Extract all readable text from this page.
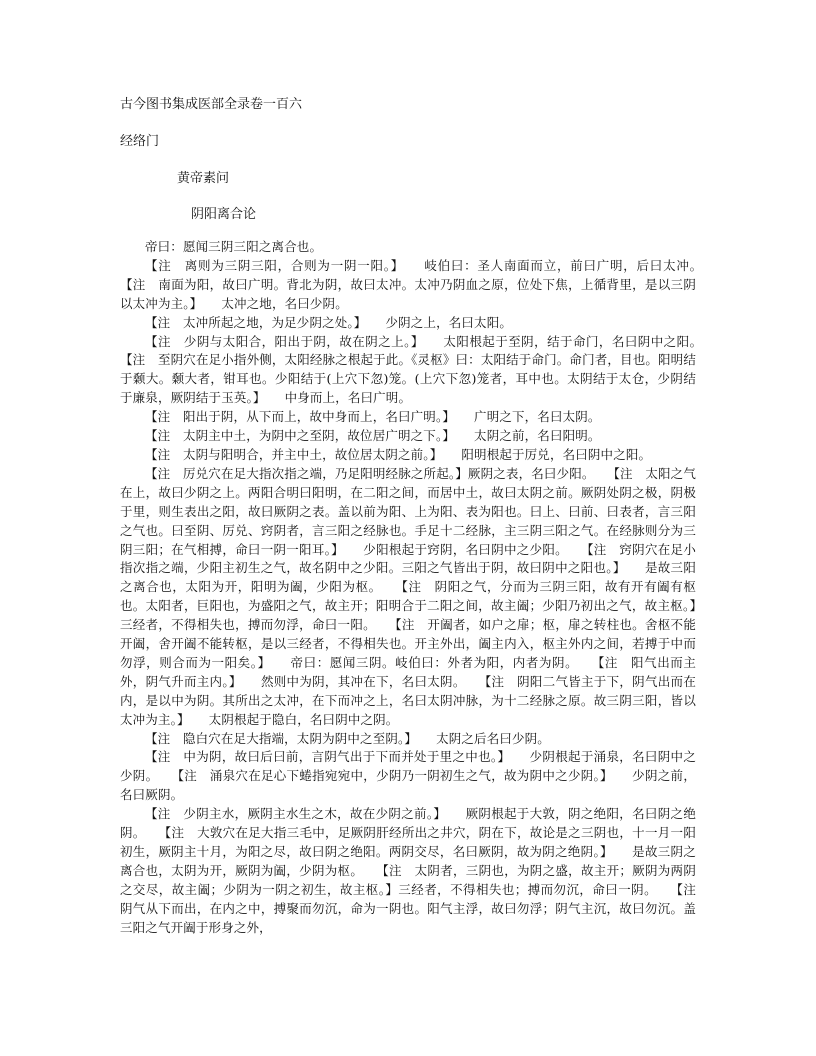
古今图书集成医部全录卷一百六
经络门
黄帝素问
阴阳离合论

帝曰：愿闻三阴三阳之离合也。

【注　离则为三阴三阳，合则为一阴一阳。】　　岐伯曰：圣人南面而立，前曰广明，后曰太冲。　　【注　南面为阳，故曰广明。背北为阴，故曰太冲。太冲乃阴血之原，位处下焦，上循背里，是以三阴以太冲为主。】　　太冲之地，名曰少阴。

【注　太冲所起之地，为足少阴之处。】　　少阴之上，名曰太阳。

【注　少阴与太阳合，阳出于阴，故在阴之上。】　　太阳根起于至阴，结于命门，名曰阴中之阳。　　【注　至阴穴在足小指外侧，太阳经脉之根起于此。《灵枢》曰：太阳结于命门。命门者，目也。阳明结于颡大。颡大者，钳耳也。少阳结于(上穴下忽)笼。(上穴下忽)笼者，耳中也。太阴结于太仓，少阴结于廉泉，厥阴结于玉英。】　　中身而上，名曰广明。

【注　阳出于阴，从下而上，故中身而上，名曰广明。】　　广明之下，名曰太阴。

【注　太阴主中土，为阴中之至阴，故位居广明之下。】　　太阴之前，名曰阳明。

【注　太阴与阳明合，并主中土，故位居太阴之前。】　　阳明根起于厉兑，名曰阴中之阳。

【注　厉兑穴在足大指次指之端，乃足阳明经脉之所起。】厥阴之表，名曰少阳。　　【注　太阳之气在上，故曰少阴之上。两阳合明曰阳明，在二阳之间，而居中土，故曰太阴之前。厥阴处阴之极，阴极于里，则生表出之阳，故曰厥阴之表。盖以前为阳、上为阳、表为阳也。曰上、曰前、曰表者，言三阳之气也。曰至阴、厉兑、窍阴者，言三阳之经脉也。手足十二经脉，主三阴三阳之气。在经脉则分为三阴三阳；在气相搏，命曰一阴一阳耳。】　　少阳根起于窍阴，名曰阴中之少阳。　　【注　窍阴穴在足小指次指之端，少阳主初生之气，故名阴中之少阳。三阳之气皆出于阴，故曰阴中之阳也。】　　是故三阳之离合也，太阳为开，阳明为阖，少阳为枢。　　【注　阴阳之气，分而为三阴三阳，故有开有阖有枢也。太阳者，巨阳也，为盛阳之气，故主开；阳明合于二阳之间，故主阖；少阳乃初出之气，故主枢。】　　三经者，不得相失也，搏而勿浮，命曰一阳。　　【注　开阖者，如户之扉；枢，扉之转柱也。舍枢不能开阖，舍开阖不能转枢，是以三经者，不得相失也。开主外出，阖主内入，枢主外内之间，若搏于中而勿浮，则合而为一阳矣。】　　帝曰：愿闻三阴。岐伯曰：外者为阳，内者为阴。　　【注　阳气出而主外，阴气升而主内。】　　然则中为阴，其冲在下，名曰太阴。　　【注　阴阳二气皆主于下，阴气出而在内，是以中为阴。其所出之太冲，在下而冲之上，名曰太阴冲脉，为十二经脉之原。故三阴三阳，皆以太冲为主。】　　太阴根起于隐白，名曰阴中之阴。

【注　隐白穴在足大指端，太阴为阴中之至阴。】　　太阴之后名曰少阴。

【注　中为阴，故曰后曰前，言阴气出于下而并处于里之中也。】　　少阴根起于涌泉，名曰阴中之少阴。　　【注　涌泉穴在足心下蜷指宛宛中，少阴乃一阴初生之气，故为阴中之少阴。】　　少阴之前，名曰厥阴。

【注　少阴主水，厥阴主水生之木，故在少阴之前。】　　厥阴根起于大敦，阴之绝阳，名曰阴之绝阴。　　【注　大敦穴在足大指三毛中，足厥阴肝经所出之井穴，阴在下，故论是之三阴也，十一月一阳初生，厥阴主十月，为阳之尽，故曰阴之绝阳。两阴交尽，名曰厥阴，故为阴之绝阴。】　　是故三阴之离合也，太阴为开，厥阴为阖，少阴为枢。　　【注　太阴者，三阴也，为阴之盛，故主开；厥阴为两阴之交尽，故主阖；少阴为一阴之初生，故主枢。】三经者，不得相失也；搏而勿沉，命曰一阴。　　【注　阴气从下而出，在内之中，搏聚而勿沉，命为一阴也。阳气主浮，故曰勿浮；阴气主沉，故曰勿沉。盖三阳之气开阖于形身之外，
